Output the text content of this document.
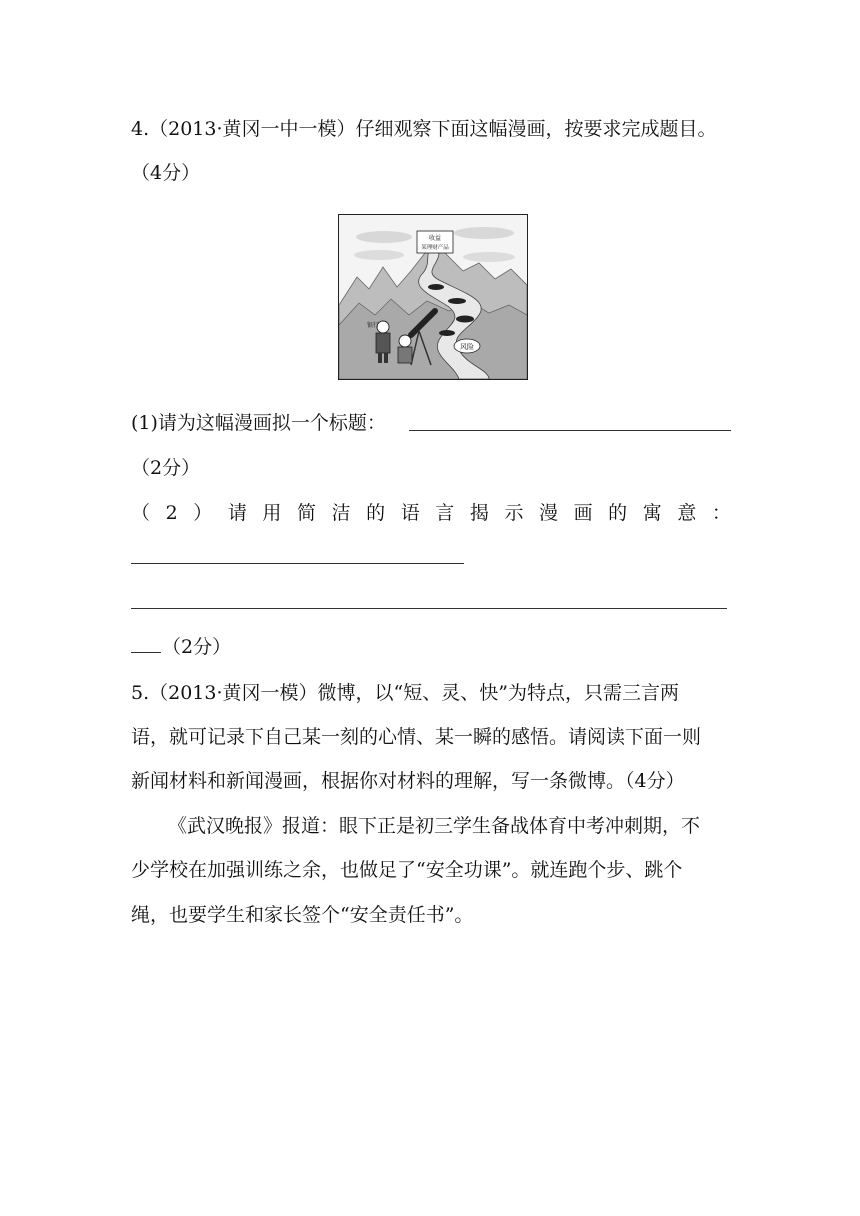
4.（2013·黄冈一中一模）仔细观察下面这幅漫画，按要求完成题目。
（4分）
收益
某理财产品
风险
银行
(1)请为这幅漫画拟一个标题：
（2分）
（ 2 ） 请 用 简 洁 的 语 言 揭 示 漫 画 的 寓 意 ：
（2分）
5.（2013·黄冈一模）微博，以“短、灵、快”为特点，只需三言两
语，就可记录下自己某一刻的心情、某一瞬的感悟。请阅读下面一则
新闻材料和新闻漫画，根据你对材料的理解，写一条微博。（4分）
《武汉晚报》报道：眼下正是初三学生备战体育中考冲刺期，不
少学校在加强训练之余，也做足了“安全功课”。就连跑个步、跳个
绳，也要学生和家长签个“安全责任书”。
